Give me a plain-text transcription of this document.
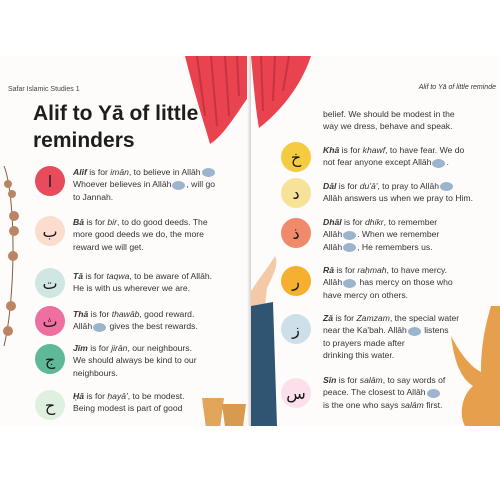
Safar Islamic Studies 1
Alif to Yā of little
reminders
ا	Alif is for imān, to believe in Allāh
Whoever believes in Allāh , will go
to Jannah.
ب	Bā is for bir, to do good deeds. The
more good deeds we do, the more
reward we will get.
ت	Tā is for taqwa, to be aware of Allāh.
He is with us wherever we are.
ث	Thā is for thawāb, good reward.
Allāh gives the best rewards.
ج
Jīm is for jirān, our neighbours.
We should always be kind to our
neighbours.
ح	Ḥā is for ḥayā', to be modest.
Being modest is part of good
Alif to Yā of little reminde
belief. We should be modest in the
way we dress, behave and speak.
خ	Khā is for khawf, to have fear. We do
not fear anyone except Allāh .
د	Dāl is for du'ā', to pray to Allāh
Allāh answers us when we pray to Him.
ذ
Dhāl is for dhikr, to remember
Allāh . When we remember
Allāh , He remembers us.
ر
Rā is for raḥmah, to have mercy.
Allāh has mercy on those who
have mercy on others.
ز
Zā is for Zamzam, the special water
near the Ka'bah. Allāh listens
to prayers made after
drinking this water.
س
Sīn is for salām, to say words of
peace. The closest to Allāh
is the one who says salām first.
